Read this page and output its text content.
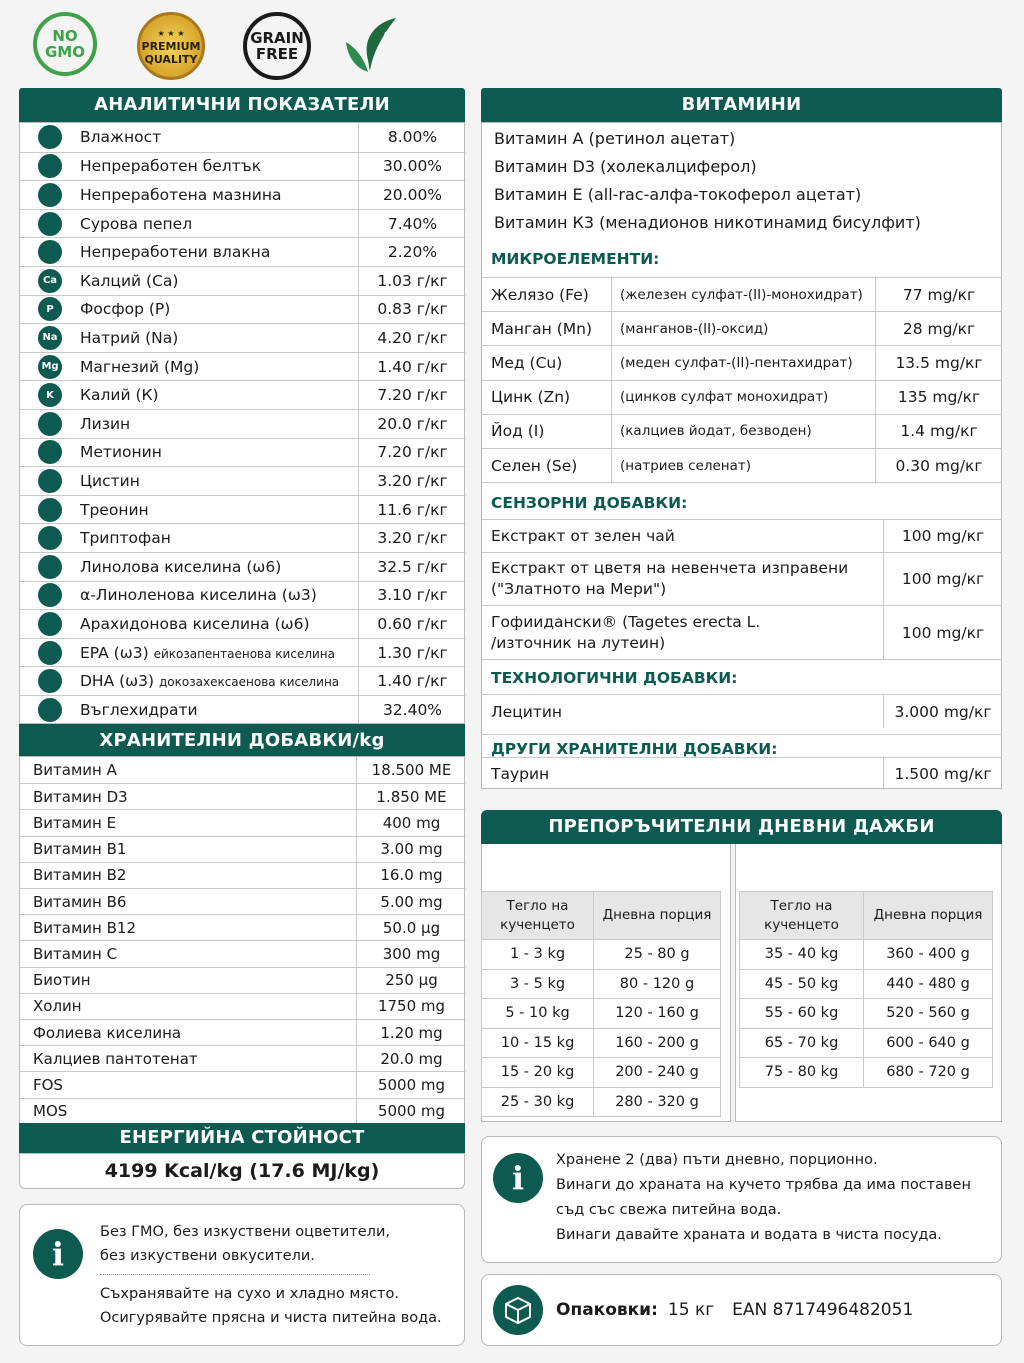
NO
GMO
★ ★ ★
PREMIUM
QUALITY
GRAIN
FREE
АНАЛИТИЧНИ ПОКАЗАТЕЛИ
Влажност	8.00%
Непреработен белтък	30.00%
Непреработена мазнина	20.00%
Сурова пепел	7.40%
Непреработени влакна	2.20%
Ca	Калций (Са)	1.03 г/кг
P	Фосфор (Р)	0.83 г/кг
Na	Натрий (Na)	4.20 г/кг
Mg	Магнезий (Mg)	1.40 г/кг
K	Калий (К)	7.20 г/кг
Лизин	20.0 г/кг
Метионин	7.20 г/кг
Цистин	3.20 г/кг
Треонин	11.6 г/кг
Триптофан	3.20 г/кг
Линолова киселина (ω6)	32.5 г/кг
α-Линоленова киселина (ω3)	3.10 г/кг
Арахидонова киселина (ω6)	0.60 г/кг
EPA (ω3) ейкозапентаенова киселина	1.30 г/кг
DHA (ω3) докозахексаенова киселина	1.40 г/кг
Въглехидрати	32.40%
ХРАНИТЕЛНИ ДОБАВКИ/kg
Витамин А	18.500 МЕ
Витамин D3	1.850 МЕ
Витамин Е	400 mg
Витамин В1	3.00 mg
Витамин В2	16.0 mg
Витамин В6	5.00 mg
Витамин В12	50.0 µg
Витамин С	300 mg
Биотин	250 µg
Холин	1750 mg
Фолиева киселина	1.20 mg
Калциев пантотенат	20.0 mg
FOS	5000 mg
MOS	5000 mg
ЕНЕРГИЙНА СТОЙНОСТ
4199 Kcal/kg (17.6 MJ/kg)
i
Без ГМО, без изкуствени оцветители,
без изкуствени овкусители.
Съхранявайте на сухо и хладно място.
Осигурявайте прясна и чиста питейна вода.
ВИТАМИНИ
Витамин А (ретинол ацетат)
Витамин D3 (холекалциферол)
Витамин Е (all-rac-алфа-токоферол ацетат)
Витамин К3 (менадионов никотинамид бисулфит)
МИКРОЕЛЕМЕНТИ:
Желязо (Fe)	(железен сулфат-(II)-монохидрат)	77 mg/кг
Манган (Mn)	(манганов-(II)-оксид)	28 mg/кг
Мед (Cu)	(меден сулфат-(II)-пентахидрат)	13.5 mg/кг
Цинк (Zn)	(цинков сулфат монохидрат)	135 mg/кг
Йод (I)	(калциев йодат, безводен)	1.4 mg/кг
Селен (Se)	(натриев селенат)	0.30 mg/кг
СЕНЗОРНИ ДОБАВКИ:
Екстракт от зелен чай	100 mg/кг
Екстракт от цветя на невенчета изправени
("Златното на Мери")
100 mg/кг
Гофиидански® (Tagetes erecta L.
/източник на лутеин)
100 mg/кг
ТЕХНОЛОГИЧНИ ДОБАВКИ:
Лецитин	3.000 mg/кг
ДРУГИ ХРАНИТЕЛНИ ДОБАВКИ:
Таурин	1.500 mg/кг
ПРЕПОРЪЧИТЕЛНИ ДНЕВНИ ДАЖБИ
Тегло на
кученцето	Дневна порция
1 - 3 kg	25 - 80 g
3 - 5 kg	80 - 120 g
5 - 10 kg	120 - 160 g
10 - 15 kg	160 - 200 g
15 - 20 kg	200 - 240 g
25 - 30 kg	280 - 320 g
Тегло на
кученцето	Дневна порция
35 - 40 kg	360 - 400 g
45 - 50 kg	440 - 480 g
55 - 60 kg	520 - 560 g
65 - 70 kg	600 - 640 g
75 - 80 kg	680 - 720 g
i	Хранене 2 (два) пъти дневно, порционно.
Винаги до храната на кучето трябва да има поставен
съд със свежа питейна вода.
Винаги давайте храната и водата в чиста посуда.
Опаковки: 15 кг EAN 8717496482051
